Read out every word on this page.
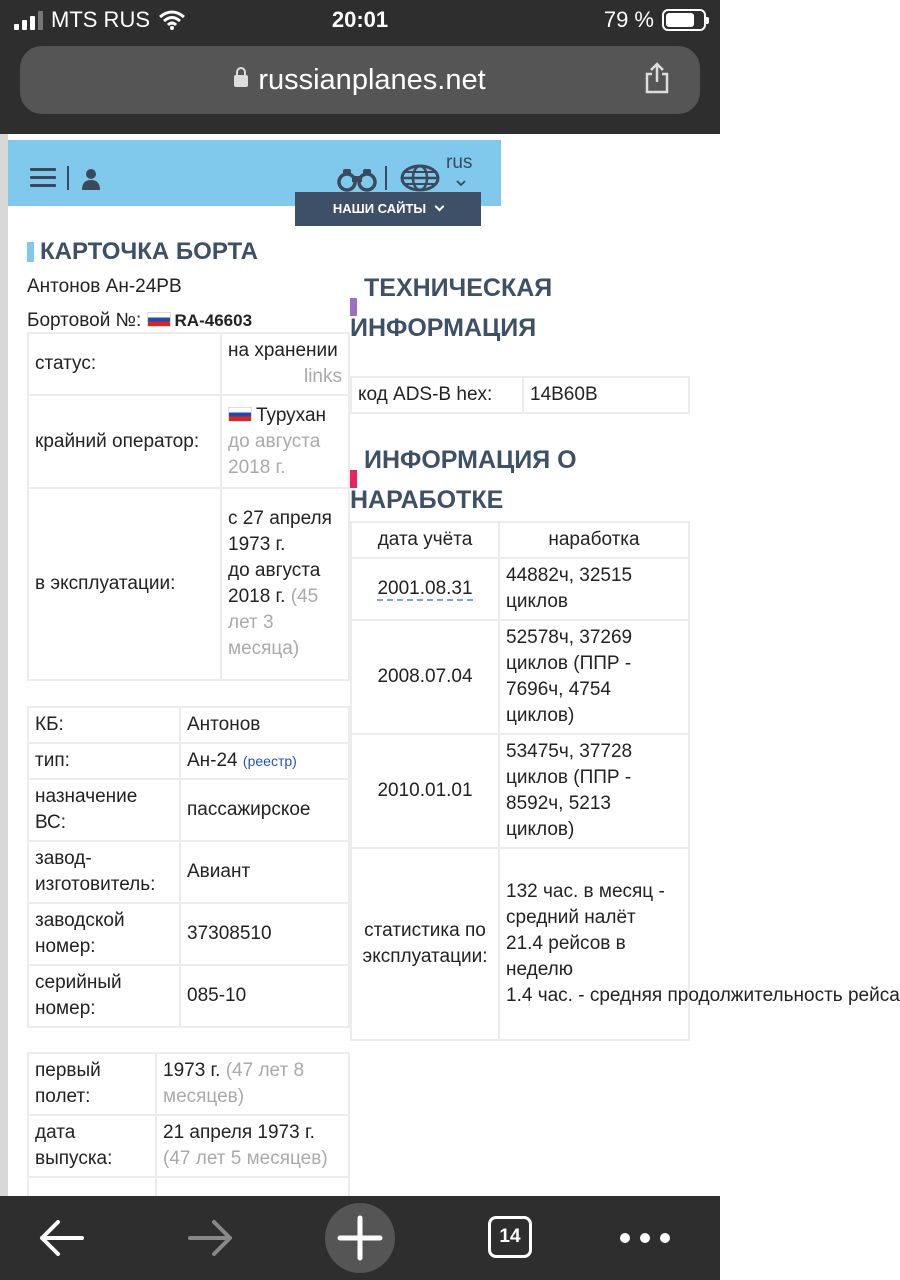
MTS RUS	20:01	79 %
russianplanes.net
rus
НАШИ САЙТЫ
КАРТОЧКА БОРТА
Антонов Ан-24РВ
Бортовой №: RA-46603
статус:	на хранении
links

крайний оператор:	Турухан
до августа 2018 г.

в эксплуатации:	с 27 апреля 1973 г.
до августа 2018 г. (45 лет 3 месяца)
КБ:	Антонов
тип:	Ан-24 (реестр)
назначение ВС:	пассажирское
завод-изготовитель:	Авиант
заводской номер:	37308510
серийный номер:	085-10
первый полет:	1973 г. (47 лет 8 месяцев)
дата выпуска:	21 апреля 1973 г. (47 лет 5 месяцев)

ТЕХНИЧЕСКАЯ
ИНФОРМАЦИЯ
код ADS-B hex:	14B60B
ИНФОРМАЦИЯ О
НАРАБОТКЕ
дата учёта	наработка
2001.08.31	44882ч, 32515 циклов
2008.07.04	52578ч, 37269 циклов (ППР - 7696ч, 4754 циклов)
2010.01.01	53475ч, 37728 циклов (ППР - 8592ч, 5213 циклов)
статистика по эксплуатации:	132 час. в месяц - средний налёт
21.4 рейсов в неделю
1.4 час. - средняя продолжительность рейса
14
